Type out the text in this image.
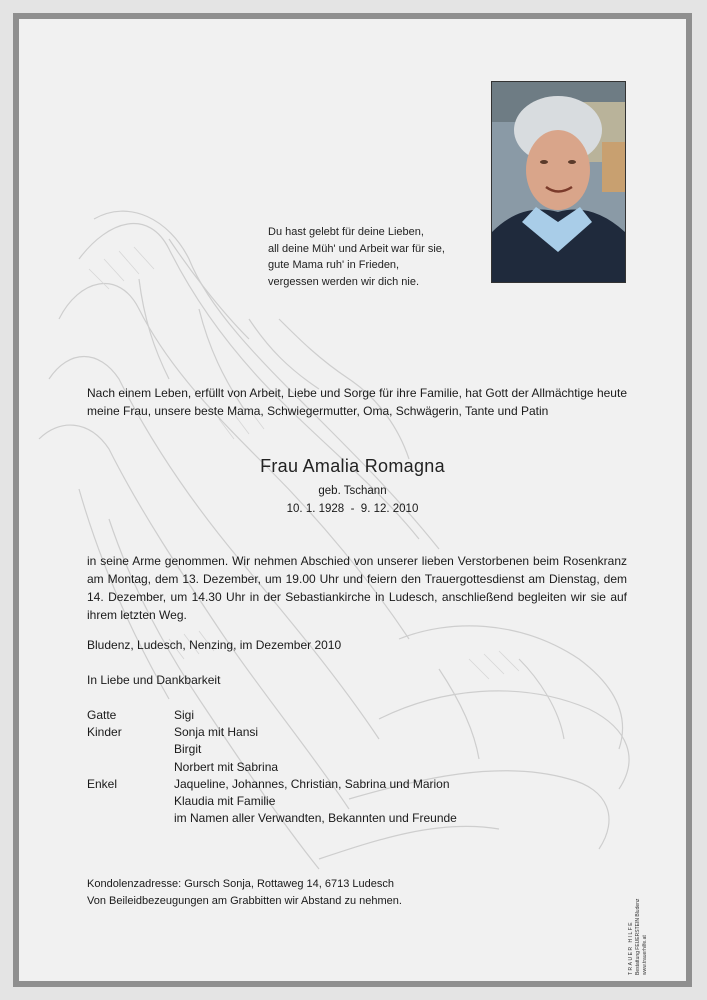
Du hast gelebt für deine Lieben,
all deine Müh' und Arbeit war für sie,
gute Mama ruh' in Frieden,
vergessen werden wir dich nie.
Nach einem Leben, erfüllt von Arbeit, Liebe und Sorge für ihre Familie, hat Gott der Allmächtige heute meine Frau, unsere beste Mama, Schwiegermutter, Oma, Schwägerin, Tante und Patin
Frau Amalia Romagna
geb. Tschann
10. 1. 1928  -  9. 12. 2010
in seine Arme genommen. Wir nehmen Abschied von unserer lieben Verstorbenen beim Rosenkranz am Montag, dem 13. Dezember, um 19.00 Uhr und feiern den Trauergottesdienst am Dienstag, dem 14. Dezember, um 14.30 Uhr in der Sebastiankirche in Ludesch, anschließend begleiten wir sie auf ihrem letzten Weg.
Bludenz, Ludesch, Nenzing, im Dezember 2010
In Liebe und Dankbarkeit
Gatte	Sigi
Kinder	Sonja mit Hansi
Birgit
Norbert mit Sabrina
Enkel	Jaqueline, Johannes, Christian, Sabrina und Marion
Klaudia mit Familie
im Namen aller Verwandten, Bekannten und Freunde
Kondolenzadresse: Gursch Sonja, Rottaweg 14, 6713 Ludesch
Von Beileidbezeugungen am Grabbitten wir Abstand zu nehmen.
TRAUER HILFE Bestattung FEUERSTEIN Bludenz www.trauerhilfe.at
